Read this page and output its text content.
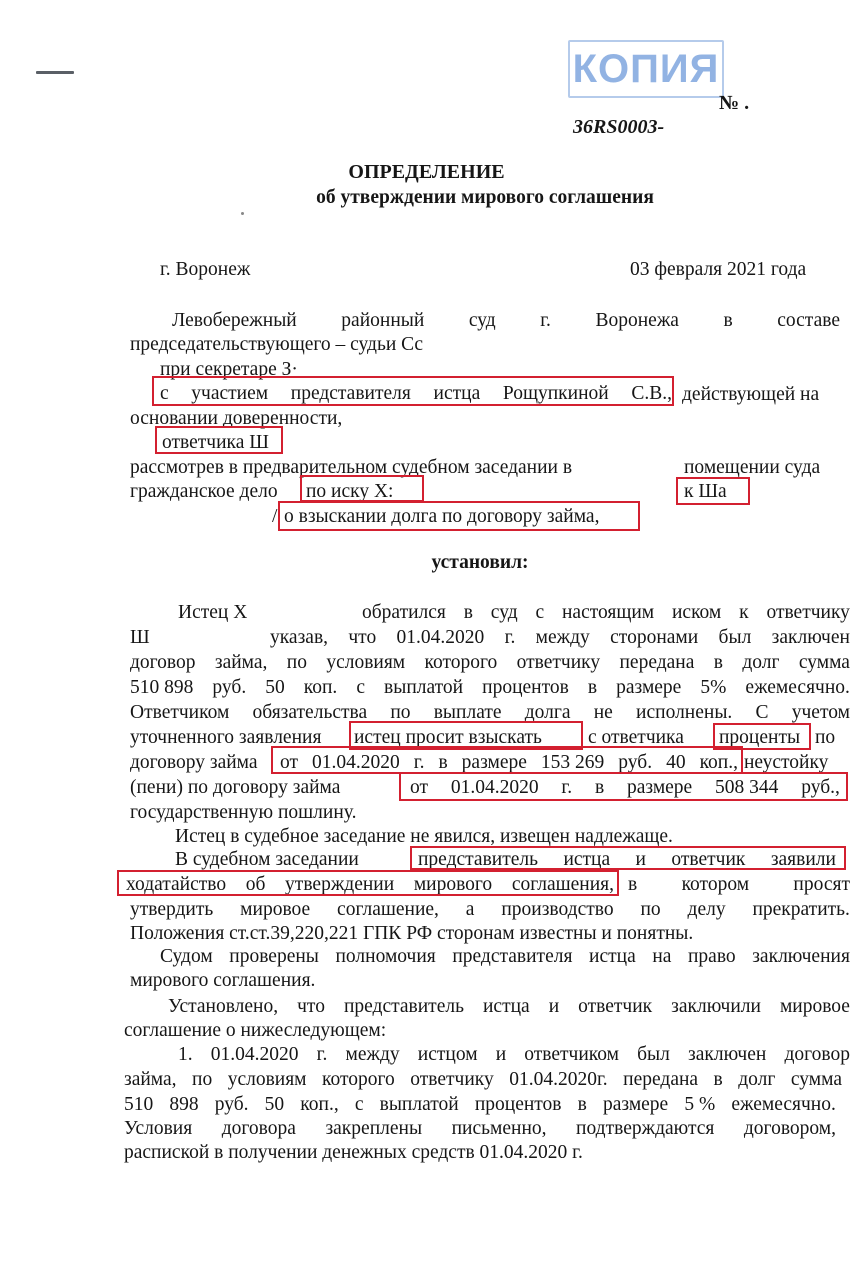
КОПИЯ
№ .
36RS0003-
ОПРЕДЕЛЕНИЕ
об утверждении мирового соглашения
г. Воронеж	03 февраля 2021 года
Левобережный районный суд г. Воронежа в составе
председательствующего – судьи Сс
при секретаре З·
с участием представителя истца Рощупкиной С.В., действующей на
основании доверенности,
ответчика Ш
рассмотрев в предварительном судебном заседании в	помещении суда
гражданское дело по иску Х:	к Ша
/ о взыскании долга по договору займа,
установил:
Истец Х	обратился в суд с настоящим иском к ответчику
Ш	указав, что 01.04.2020 г. между сторонами был заключен
договор займа, по условиям которого ответчику передана в долг сумма
510 898 руб. 50 коп. с выплатой процентов в размере 5% ежемесячно.
Ответчиком обязательства по выплате долга не исполнены. С учетом
уточненного заявления истец просит взыскать с ответчика проценты по
договору займа от 01.04.2020 г. в размере 153 269 руб. 40 коп., неустойку
(пени) по договору займа	от 01.04.2020 г. в размере 508 344 руб.,
государственную пошлину.
Истец в судебное заседание не явился, извещен надлежаще.
В судебном заседании	представитель истца и ответчик заявили
ходатайство об утверждении мирового соглашения, в котором просят
утвердить мировое соглашение, а производство по делу прекратить.
Положения ст.ст.39,220,221 ГПК РФ сторонам известны и понятны.
Судом проверены полномочия представителя истца на право заключения
мирового соглашения.
Установлено, что представитель истца и ответчик заключили мировое
соглашение о нижеследующем:
1. 01.04.2020 г. между истцом и ответчиком был заключен договор
займа, по условиям которого ответчику 01.04.2020г. передана в долг сумма
510 898 руб. 50 коп., с выплатой процентов в размере 5 % ежемесячно.
Условия договора закреплены письменно, подтверждаются договором,
распиской в получении денежных средств 01.04.2020 г.
